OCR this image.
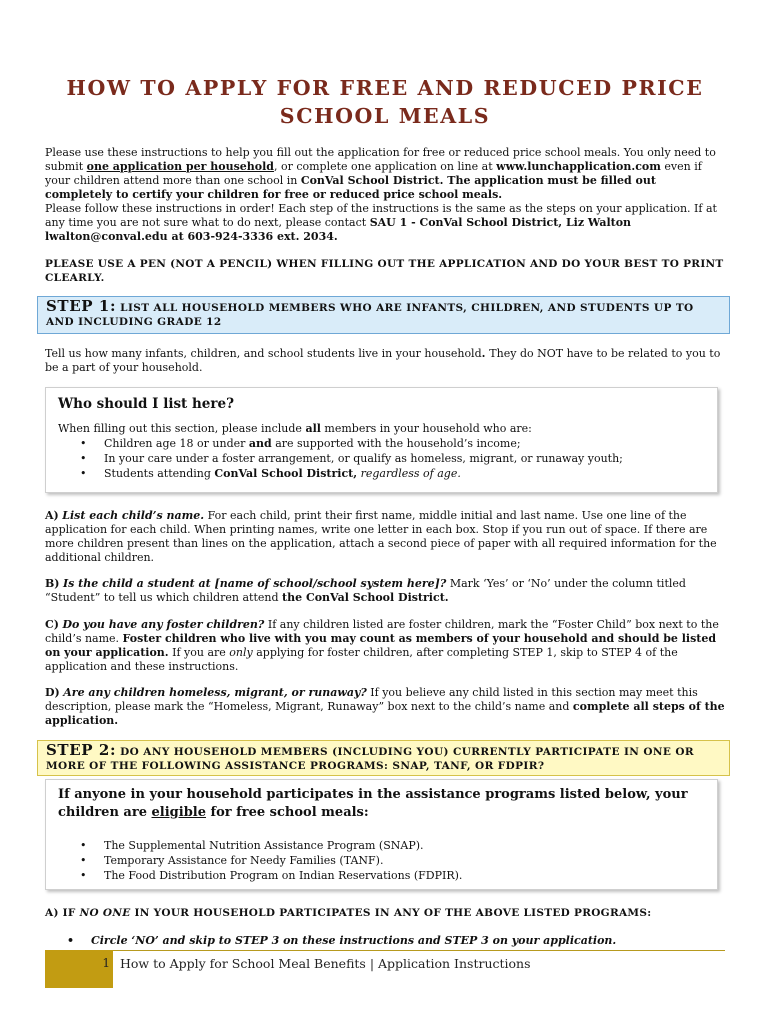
HOW TO APPLY FOR FREE AND REDUCED PRICE
SCHOOL MEALS
Please use these instructions to help you fill out the application for free or reduced price school meals. You only need to submit one application per household, or complete one application on line at www.lunchapplication.com even if your children attend more than one school in ConVal School District. The application must be filled out completely to certify your children for free or reduced price school meals.
Please follow these instructions in order! Each step of the instructions is the same as the steps on your application. If at any time you are not sure what to do next, please contact SAU 1 - ConVal School District, Liz Walton lwalton@conval.edu at 603-924-3336 ext. 2034.
PLEASE USE A PEN (NOT A PENCIL) WHEN FILLING OUT THE APPLICATION AND DO YOUR BEST TO PRINT CLEARLY.
STEP 1: LIST ALL HOUSEHOLD MEMBERS WHO ARE INFANTS, CHILDREN, AND STUDENTS UP TO AND INCLUDING GRADE 12
Tell us how many infants, children, and school students live in your household. They do NOT have to be related to you to be a part of your household.
Who should I list here?
When filling out this section, please include all members in your household who are:
• Children age 18 or under and are supported with the household’s income;
• In your care under a foster arrangement, or qualify as homeless, migrant, or runaway youth;
• Students attending ConVal School District, regardless of age.
A) List each child’s name. For each child, print their first name, middle initial and last name. Use one line of the application for each child. When printing names, write one letter in each box. Stop if you run out of space. If there are more children present than lines on the application, attach a second piece of paper with all required information for the additional children.
B) Is the child a student at [name of school/school system here]? Mark ‘Yes’ or ‘No’ under the column titled “Student” to tell us which children attend the ConVal School District.
C) Do you have any foster children? If any children listed are foster children, mark the “Foster Child” box next to the child’s name. Foster children who live with you may count as members of your household and should be listed on your application. If you are only applying for foster children, after completing STEP 1, skip to STEP 4 of the application and these instructions.
D) Are any children homeless, migrant, or runaway? If you believe any child listed in this section may meet this description, please mark the “Homeless, Migrant, Runaway” box next to the child’s name and complete all steps of the application.
STEP 2: DO ANY HOUSEHOLD MEMBERS (INCLUDING YOU) CURRENTLY PARTICIPATE IN ONE OR MORE OF THE FOLLOWING ASSISTANCE PROGRAMS: SNAP, TANF, OR FDPIR?
If anyone in your household participates in the assistance programs listed below, your children are eligible for free school meals:
• The Supplemental Nutrition Assistance Program (SNAP).
• Temporary Assistance for Needy Families (TANF).
• The Food Distribution Program on Indian Reservations (FDPIR).
A) IF NO ONE IN YOUR HOUSEHOLD PARTICIPATES IN ANY OF THE ABOVE LISTED PROGRAMS:
• Circle ‘NO’ and skip to STEP 3 on these instructions and STEP 3 on your application.
1 How to Apply for School Meal Benefits | Application Instructions
